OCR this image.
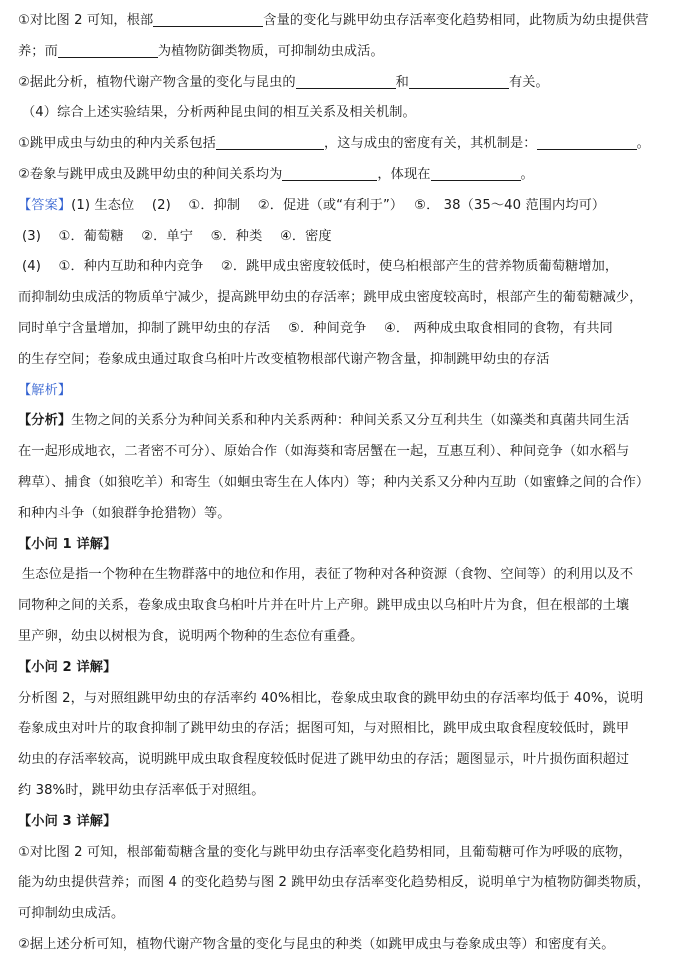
①对比图 2 可知，根部	含量的变化与跳甲幼虫存活率变化趋势相同，此物质为幼虫提供营
养；而	为植物防御类物质，可抑制幼虫成活。
②据此分析，植物代谢产物含量的变化与昆虫的	和	有关。
（4）综合上述实验结果，分析两种昆虫间的相互关系及相关机制。
①跳甲成虫与幼虫的种内关系包括	，这与成虫的密度有关，其机制是：	。
②卷象与跳甲成虫及跳甲幼虫的种间关系均为	，体现在	。
【答案】(1) 生态位　 (2)　 ①．抑制　 ②．促进（或“有利于”）　 ⑤． 38（35～40 范围内均可）
(3)　 ①．葡萄糖　 ②．单宁　 ⑤．种类　 ④．密度
(4)　 ①．种内互助和种内竞争　 ②．跳甲成虫密度较低时，使乌桕根部产生的营养物质葡萄糖增加，
而抑制幼虫成活的物质单宁减少，提高跳甲幼虫的存活率；跳甲成虫密度较高时，根部产生的葡萄糖减少，
同时单宁含量增加，抑制了跳甲幼虫的存活　 ⑤．种间竞争　 ④． 两种成虫取食相同的食物，有共同
的生存空间；卷象成虫通过取食乌桕叶片改变植物根部代谢产物含量，抑制跳甲幼虫的存活
【解析】
【分析】生物之间的关系分为种间关系和种内关系两种：种间关系又分互利共生（如藻类和真菌共同生活
在一起形成地衣，二者密不可分）、原始合作（如海葵和寄居蟹在一起，互惠互利）、种间竞争（如水稻与
稗草）、捕食（如狼吃羊）和寄生（如蛔虫寄生在人体内）等；种内关系又分种内互助（如蜜蜂之间的合作）
和种内斗争（如狼群争抢猎物）等。
【小问 1 详解】
生态位是指一个物种在生物群落中的地位和作用，表征了物种对各种资源（食物、空间等）的利用以及不
同物种之间的关系，卷象成虫取食乌桕叶片并在叶片上产卵。跳甲成虫以乌桕叶片为食，但在根部的土壤
里产卵，幼虫以树根为食，说明两个物种的生态位有重叠。
【小问 2 详解】
分析图 2，与对照组跳甲幼虫的存活率约 40%相比，卷象成虫取食的跳甲幼虫的存活率均低于 40%，说明
卷象成虫对叶片的取食抑制了跳甲幼虫的存活；据图可知，与对照相比，跳甲成虫取食程度较低时，跳甲
幼虫的存活率较高，说明跳甲成虫取食程度较低时促进了跳甲幼虫的存活；题图显示，叶片损伤面积超过
约 38%时，跳甲幼虫存活率低于对照组。
【小问 3 详解】
①对比图 2 可知，根部葡萄糖含量的变化与跳甲幼虫存活率变化趋势相同，且葡萄糖可作为呼吸的底物，
能为幼虫提供营养；而图 4 的变化趋势与图 2 跳甲幼虫存活率变化趋势相反，说明单宁为植物防御类物质，
可抑制幼虫成活。
②据上述分析可知，植物代谢产物含量的变化与昆虫的种类（如跳甲成虫与卷象成虫等）和密度有关。
